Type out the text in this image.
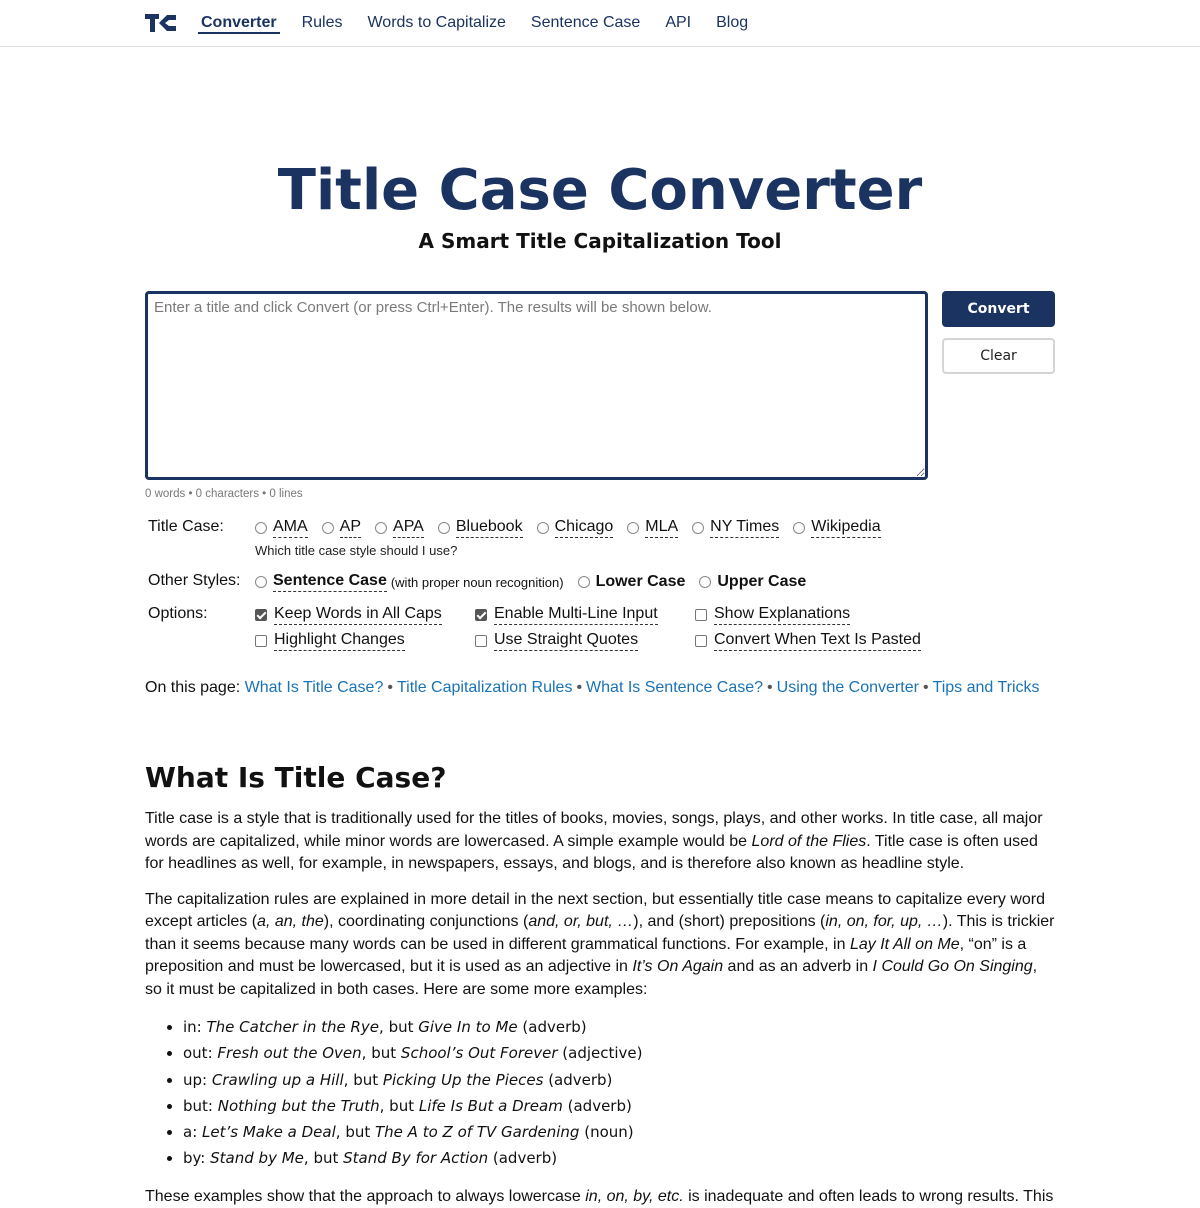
Converter Rules Words to Capitalize Sentence Case API Blog
Title Case Converter
A Smart Title Capitalization Tool
Enter a title and click Convert (or press Ctrl+Enter). The results will be shown below.
Convert
Clear
0 words • 0 characters • 0 lines
Title Case:	AMA AP APA Bluebook Chicago MLA NY Times Wikipedia
Which title case style should I use?
Other Styles:	Sentence Case (with proper noun recognition) Lower Case Upper Case
Options:	Keep Words in All Caps	Enable Multi-Line Input	Show Explanations
Highlight Changes	Use Straight Quotes	Convert When Text Is Pasted
On this page: What Is Title Case? • Title Capitalization Rules • What Is Sentence Case? • Using the Converter • Tips and Tricks
What Is Title Case?

Title case is a style that is traditionally used for the titles of books, movies, songs, plays, and other works. In title case, all major words are capitalized, while minor words are lowercased. A simple example would be Lord of the Flies. Title case is often used for headlines as well, for example, in newspapers, essays, and blogs, and is therefore also known as headline style.

The capitalization rules are explained in more detail in the next section, but essentially title case means to capitalize every word except articles (a, an, the), coordinating conjunctions (and, or, but, …), and (short) prepositions (in, on, for, up, …). This is trickier than it seems because many words can be used in different grammatical functions. For example, in Lay It All on Me, “on” is a preposition and must be lowercased, but it is used as an adjective in It’s On Again and as an adverb in I Could Go On Singing, so it must be capitalized in both cases. Here are some more examples:

• in: The Catcher in the Rye, but Give In to Me (adverb)
• out: Fresh out the Oven, but School’s Out Forever (adjective)
• up: Crawling up a Hill, but Picking Up the Pieces (adverb)
• but: Nothing but the Truth, but Life Is But a Dream (adverb)
• a: Let’s Make a Deal, but The A to Z of TV Gardening (noun)
• by: Stand by Me, but Stand By for Action (adverb)

These examples show that the approach to always lowercase in, on, by, etc. is inadequate and often leads to wrong results. This
